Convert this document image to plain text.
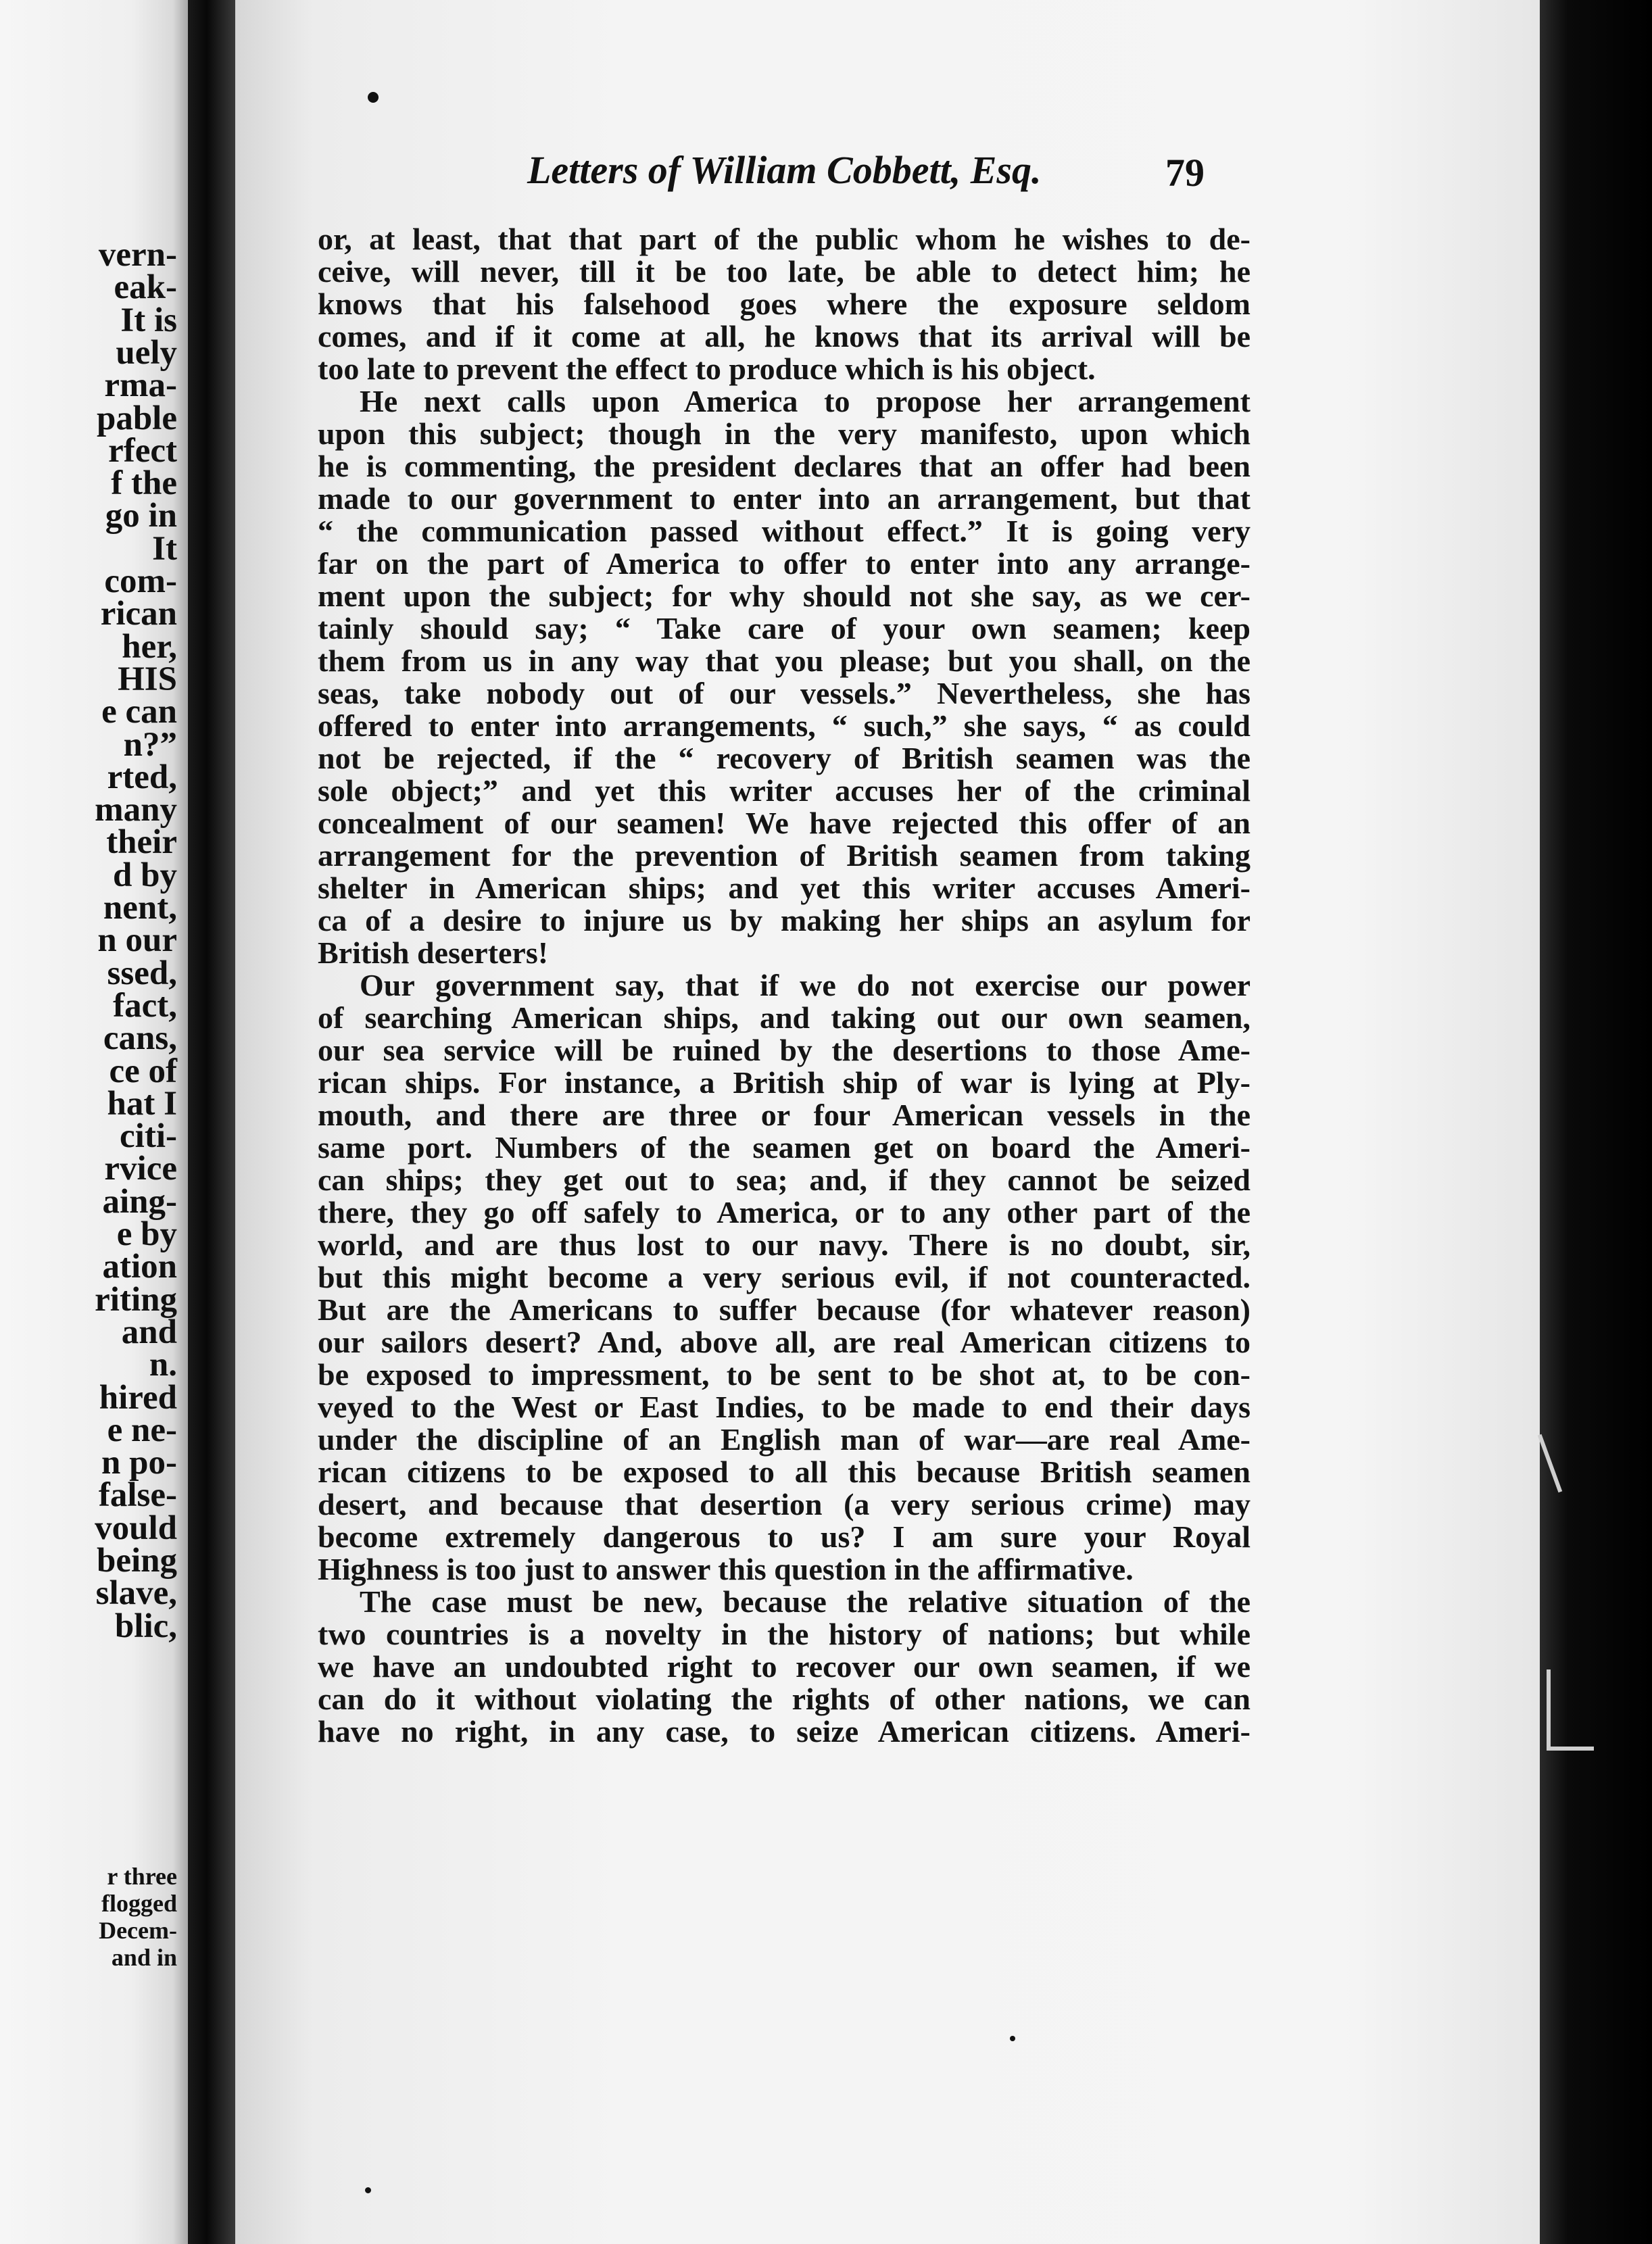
vern-
eak-
It is
uely
rma-
pable
rfect
f the
go in
It
com-
rican
her,
HIS
e can
n?”
rted,
many
their
d by
nent,
n our
ssed,
fact,
cans,
ce of
hat I
citi-
rvice
aing-
e by
ation
riting
and
n.
hired
e ne-
n po-
false-
vould
being
slave,
blic,
r three
flogged
Decem-
and in
Letters of William Cobbett, Esq.	79
or, at least, that that part of the public whom he wishes to de-
ceive, will never, till it be too late, be able to detect him; he
knows that his falsehood goes where the exposure seldom
comes, and if it come at all, he knows that its arrival will be
too late to prevent the effect to produce which is his object.
He next calls upon America to propose her arrangement
upon this subject; though in the very manifesto, upon which
he is commenting, the president declares that an offer had been
made to our government to enter into an arrangement, but that
“ the communication passed without effect.” It is going very
far on the part of America to offer to enter into any arrange-
ment upon the subject; for why should not she say, as we cer-
tainly should say; “ Take care of your own seamen; keep
them from us in any way that you please; but you shall, on the
seas, take nobody out of our vessels.” Nevertheless, she has
offered to enter into arrangements, “ such,” she says, “ as could
not be rejected, if the “ recovery of British seamen was the
sole object;” and yet this writer accuses her of the criminal
concealment of our seamen! We have rejected this offer of an
arrangement for the prevention of British seamen from taking
shelter in American ships; and yet this writer accuses Ameri-
ca of a desire to injure us by making her ships an asylum for
British deserters!
Our government say, that if we do not exercise our power
of searching American ships, and taking out our own seamen,
our sea service will be ruined by the desertions to those Ame-
rican ships. For instance, a British ship of war is lying at Ply-
mouth, and there are three or four American vessels in the
same port. Numbers of the seamen get on board the Ameri-
can ships; they get out to sea; and, if they cannot be seized
there, they go off safely to America, or to any other part of the
world, and are thus lost to our navy. There is no doubt, sir,
but this might become a very serious evil, if not counteracted.
But are the Americans to suffer because (for whatever reason)
our sailors desert? And, above all, are real American citizens to
be exposed to impressment, to be sent to be shot at, to be con-
veyed to the West or East Indies, to be made to end their days
under the discipline of an English man of war—are real Ame-
rican citizens to be exposed to all this because British seamen
desert, and because that desertion (a very serious crime) may
become extremely dangerous to us? I am sure your Royal
Highness is too just to answer this question in the affirmative.
The case must be new, because the relative situation of the
two countries is a novelty in the history of nations; but while
we have an undoubted right to recover our own seamen, if we
can do it without violating the rights of other nations, we can
have no right, in any case, to seize American citizens. Ameri-
